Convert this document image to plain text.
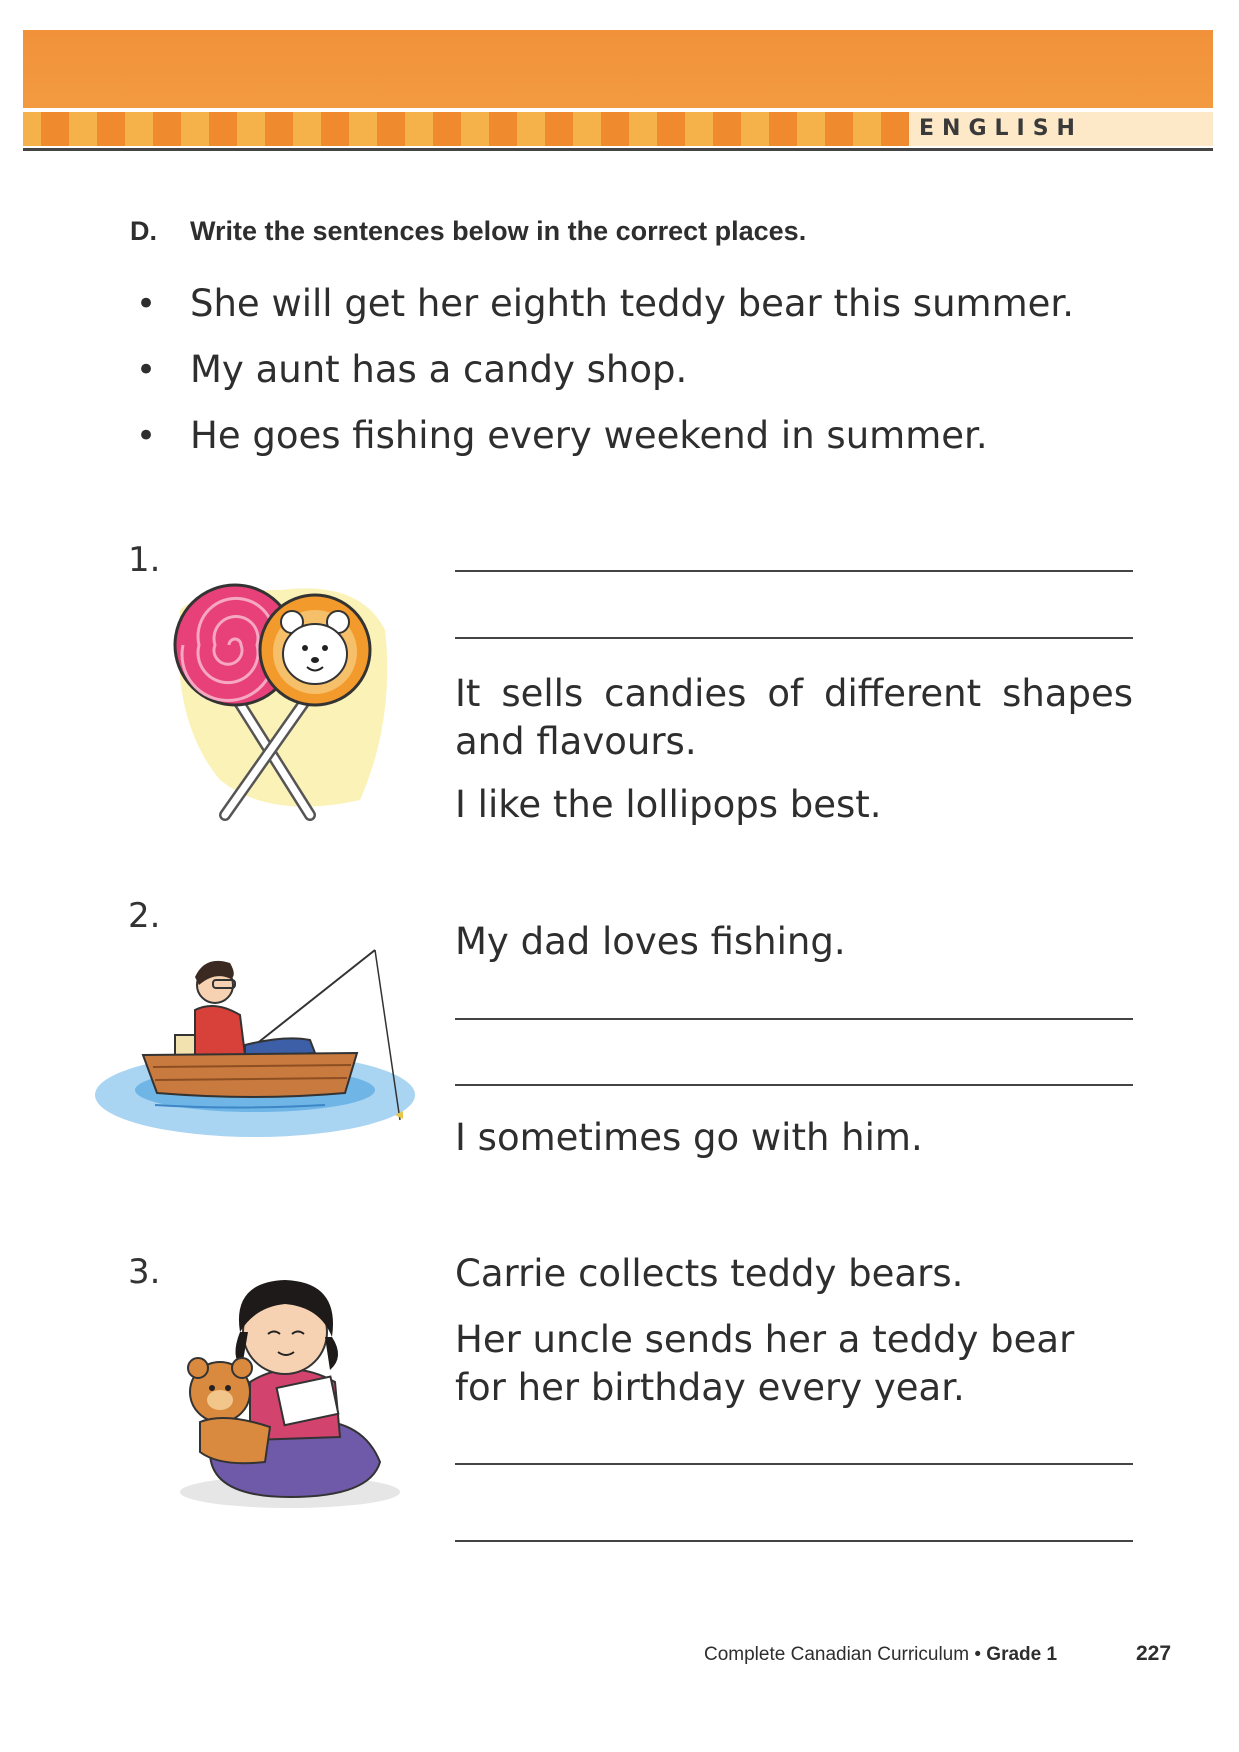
ENGLISH
D. Write the sentences below in the correct places.
• She will get her eighth teddy bear this summer.
• My aunt has a candy shop.
• He goes fishing every weekend in summer.
1.
It sells candies of different shapes and flavours.
I like the lollipops best.
2.
My dad loves fishing.
I sometimes go with him.
3.	Carrie collects teddy bears.
Her uncle sends her a teddy bear for her birthday every year.
Complete Canadian Curriculum • Grade 1	227
